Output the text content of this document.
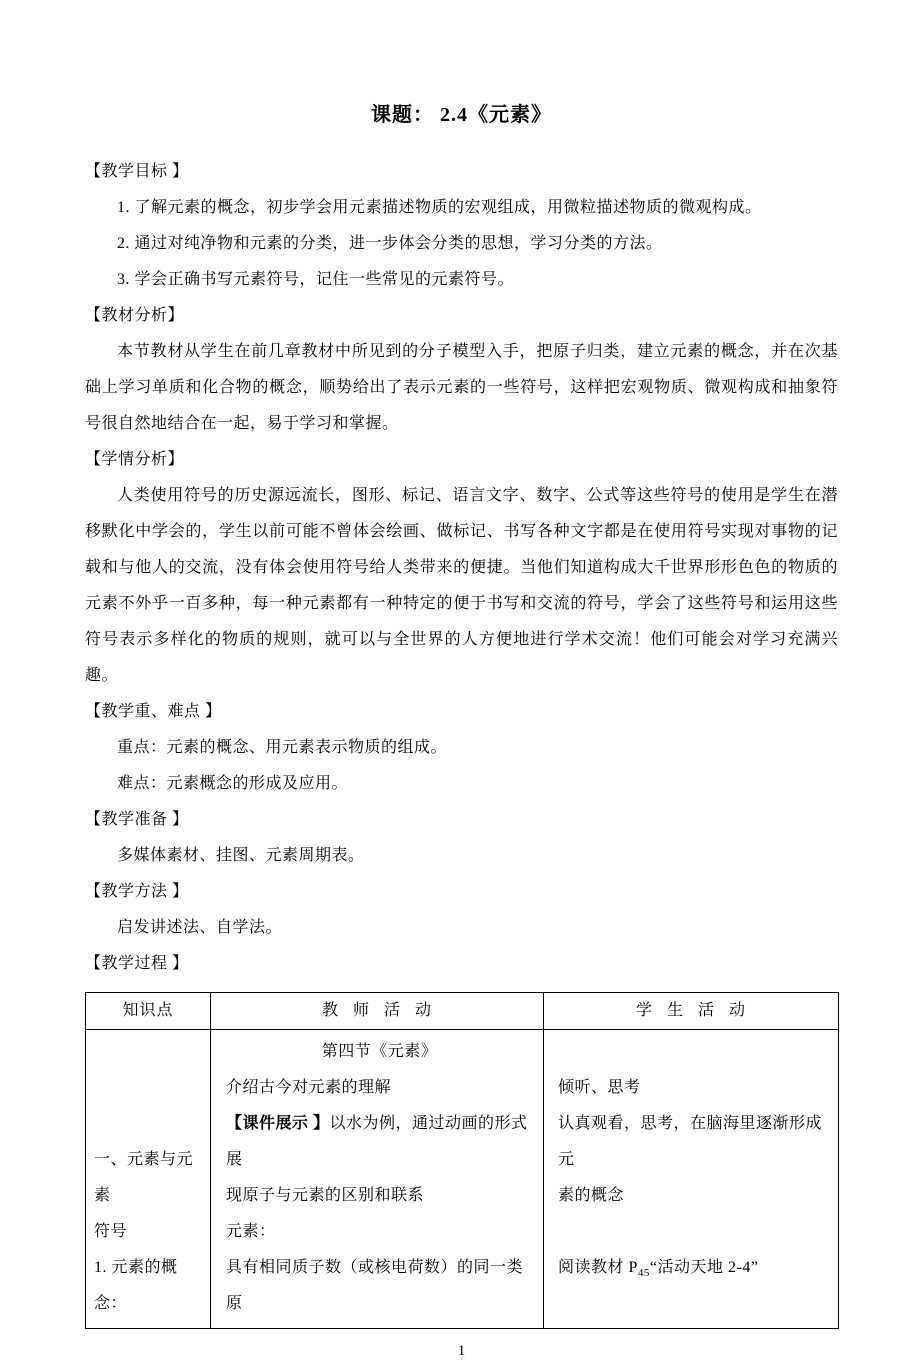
课题： 2.4《元素》
【教学目标 】
1. 了解元素的概念，初步学会用元素描述物质的宏观组成，用微粒描述物质的微观构成。
2. 通过对纯净物和元素的分类，进一步体会分类的思想，学习分类的方法。
3. 学会正确书写元素符号，记住一些常见的元素符号。
【教材分析】
本节教材从学生在前几章教材中所见到的分子模型入手，把原子归类，建立元素的概念，并在次基础上学习单质和化合物的概念，顺势给出了表示元素的一些符号，这样把宏观物质、微观构成和抽象符号很自然地结合在一起，易于学习和掌握。
【学情分析】
人类使用符号的历史源远流长，图形、标记、语言文字、数字、公式等这些符号的使用是学生在潜移默化中学会的，学生以前可能不曾体会绘画、做标记、书写各种文字都是在使用符号实现对事物的记载和与他人的交流，没有体会使用符号给人类带来的便捷。当他们知道构成大千世界形形色色的物质的元素不外乎一百多种，每一种元素都有一种特定的便于书写和交流的符号，学会了这些符号和运用这些符号表示多样化的物质的规则，就可以与全世界的人方便地进行学术交流！他们可能会对学习充满兴趣。
【教学重、难点 】
重点：元素的概念、用元素表示物质的组成。
难点：元素概念的形成及应用。
【教学准备 】
多媒体素材、挂图、元素周期表。
【教学方法 】
启发讲述法、自学法。
【教学过程 】
知识点	教 师 活 动	学 生 活 动

一、元素与元素
符号
1. 元素的概念：

第四节《元素》
介绍古今对元素的理解
【课件展示 】以水为例，通过动画的形式展
现原子与元素的区别和联系
元素：
具有相同质子数（或核电荷数）的同一类原

倾听、思考
认真观看，思考，在脑海里逐渐形成元
素的概念
阅读教材 $P_{45}“$活动天地 2-4”
1
